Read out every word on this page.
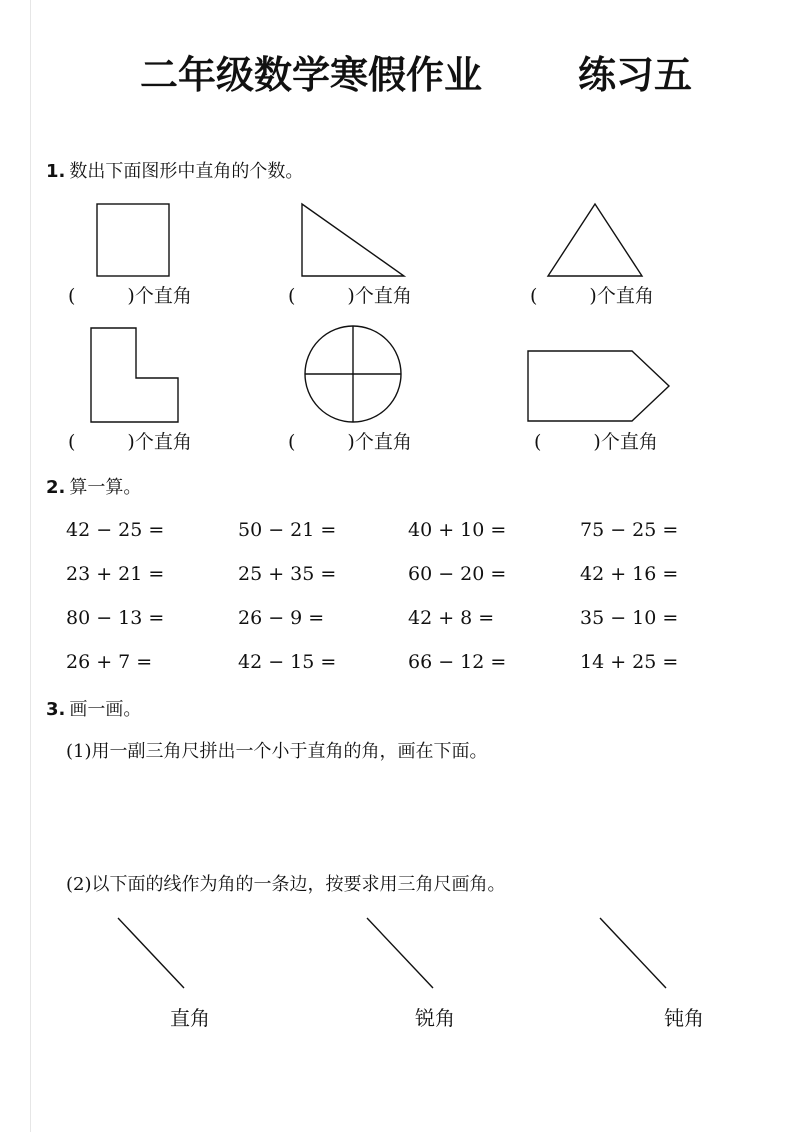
二年级数学寒假作业	练习五
1. 数出下面图形中直角的个数。
(	)个直角	(	)个直角	(	)个直角
(	)个直角	(	)个直角	(	)个直角
2. 算一算。
42 − 25 =	50 − 21 =	40 + 10 =	75 − 25 =
23 + 21 =	25 + 35 =	60 − 20 =	42 + 16 =
80 − 13 =	26 − 9 =	42 + 8 =	35 − 10 =
26 + 7 =	42 − 15 =	66 − 12 =	14 + 25 =
3. 画一画。
(1)用一副三角尺拼出一个小于直角的角，画在下面。
(2)以下面的线作为角的一条边，按要求用三角尺画角。
直角	锐角	钝角
